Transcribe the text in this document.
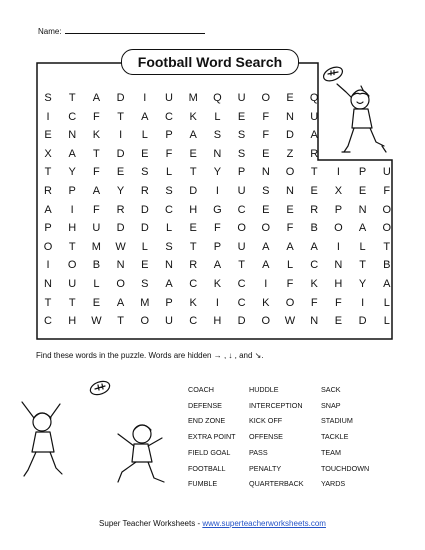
Name:
Football Word Search
S	T	A	D	I	U	M	Q	U	O	E	Q
I	C	F	T	A	C	K	L	E	F	N	U
E	N	K	I	L	P	A	S	S	F	D	A
X	A	T	D	E	F	E	N	S	E	Z	R
T	Y	F	E	S	L	T	Y	P	N	O	T	I	P	U
R	P	A	Y	R	S	D	I	U	S	N	E	X	E	F
A	I	F	R	D	C	H	G	C	E	E	R	P	N	O
P	H	U	D	D	L	E	F	O	O	F	B	O	A	O
O	T	M	W	L	S	T	P	U	A	A	A	I	L	T
I	O	B	N	E	N	R	A	T	A	L	C	N	T	B
N	U	L	O	S	A	C	K	C	I	F	K	H	Y	A
T	T	E	A	M	P	K	I	C	K	O	F	F	I	L
C	H	W	T	O	U	C	H	D	O	W	N	E	D	L
Find these words in the puzzle. Words are hidden → , ↓ , and ↘.
COACH
DEFENSE
END ZONE
EXTRA POINT
FIELD GOAL
FOOTBALL
FUMBLE
HUDDLE
INTERCEPTION
KICK OFF
OFFENSE
PASS
PENALTY
QUARTERBACK
SACK
SNAP
STADIUM
TACKLE
TEAM
TOUCHDOWN
YARDS
Super Teacher Worksheets - www.superteacherworksheets.com
